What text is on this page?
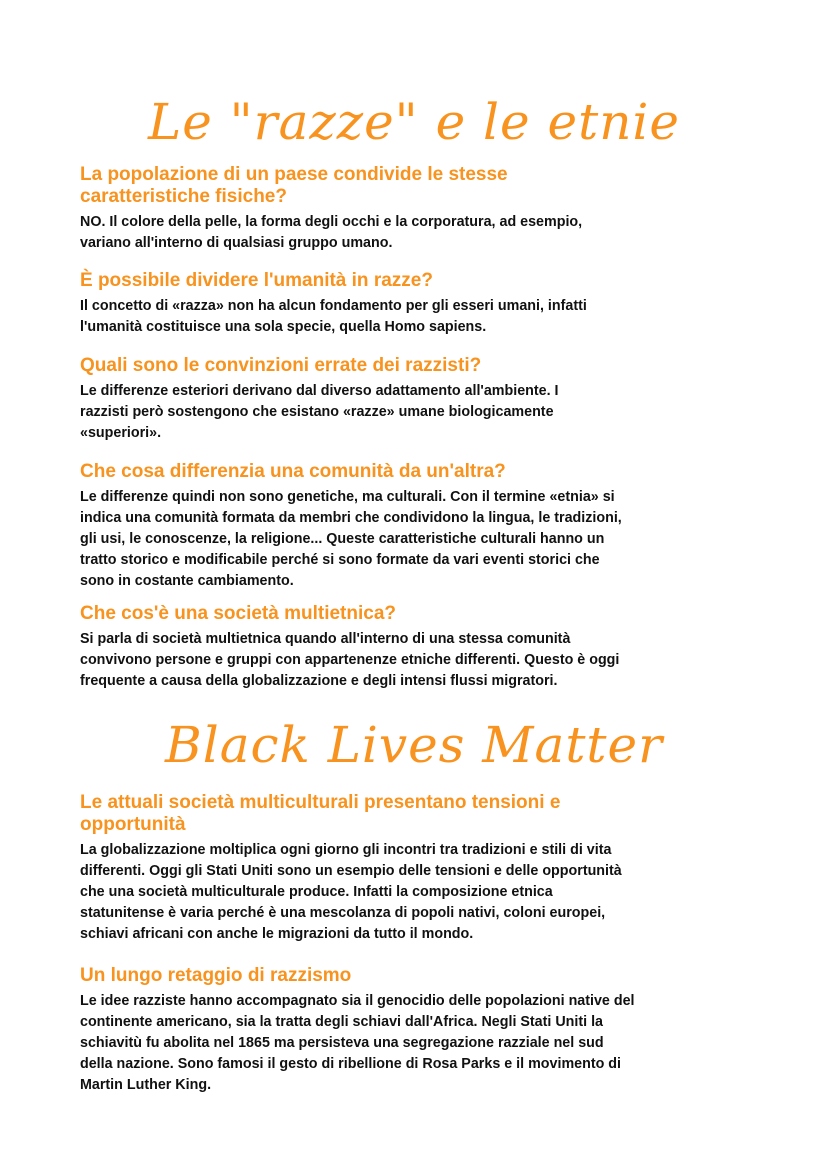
Le "razze" e le etnie
La popolazione di un paese condivide le stesse
caratteristiche fisiche?
NO. Il colore della pelle, la forma degli occhi e la corporatura, ad esempio,
variano all'interno di qualsiasi gruppo umano.
È possibile dividere l'umanità in razze?
Il concetto di «razza» non ha alcun fondamento per gli esseri umani, infatti
l'umanità costituisce una sola specie, quella Homo sapiens.
Quali sono le convinzioni errate dei razzisti?
Le differenze esteriori derivano dal diverso adattamento all'ambiente. I
razzisti però sostengono che esistano «razze» umane biologicamente
«superiori».
Che cosa differenzia una comunità da un'altra?
Le differenze quindi non sono genetiche, ma culturali. Con il termine «etnia» si
indica una comunità formata da membri che condividono la lingua, le tradizioni,
gli usi, le conoscenze, la religione... Queste caratteristiche culturali hanno un
tratto storico e modificabile perché si sono formate da vari eventi storici che
sono in costante cambiamento.
Che cos'è una società multietnica?
Si parla di società multietnica quando all'interno di una stessa comunità
convivono persone e gruppi con appartenenze etniche differenti. Questo è oggi
frequente a causa della globalizzazione e degli intensi flussi migratori.
Black Lives Matter
Le attuali società multiculturali presentano tensioni e
opportunità
La globalizzazione moltiplica ogni giorno gli incontri tra tradizioni e stili di vita
differenti. Oggi gli Stati Uniti sono un esempio delle tensioni e delle opportunità
che una società multiculturale produce. Infatti la composizione etnica
statunitense è varia perché è una mescolanza di popoli nativi, coloni europei,
schiavi africani con anche le migrazioni da tutto il mondo.
Un lungo retaggio di razzismo
Le idee razziste hanno accompagnato sia il genocidio delle popolazioni native del
continente americano, sia la tratta degli schiavi dall'Africa. Negli Stati Uniti la
schiavitù fu abolita nel 1865 ma persisteva una segregazione razziale nel sud
della nazione. Sono famosi il gesto di ribellione di Rosa Parks e il movimento di
Martin Luther King.
